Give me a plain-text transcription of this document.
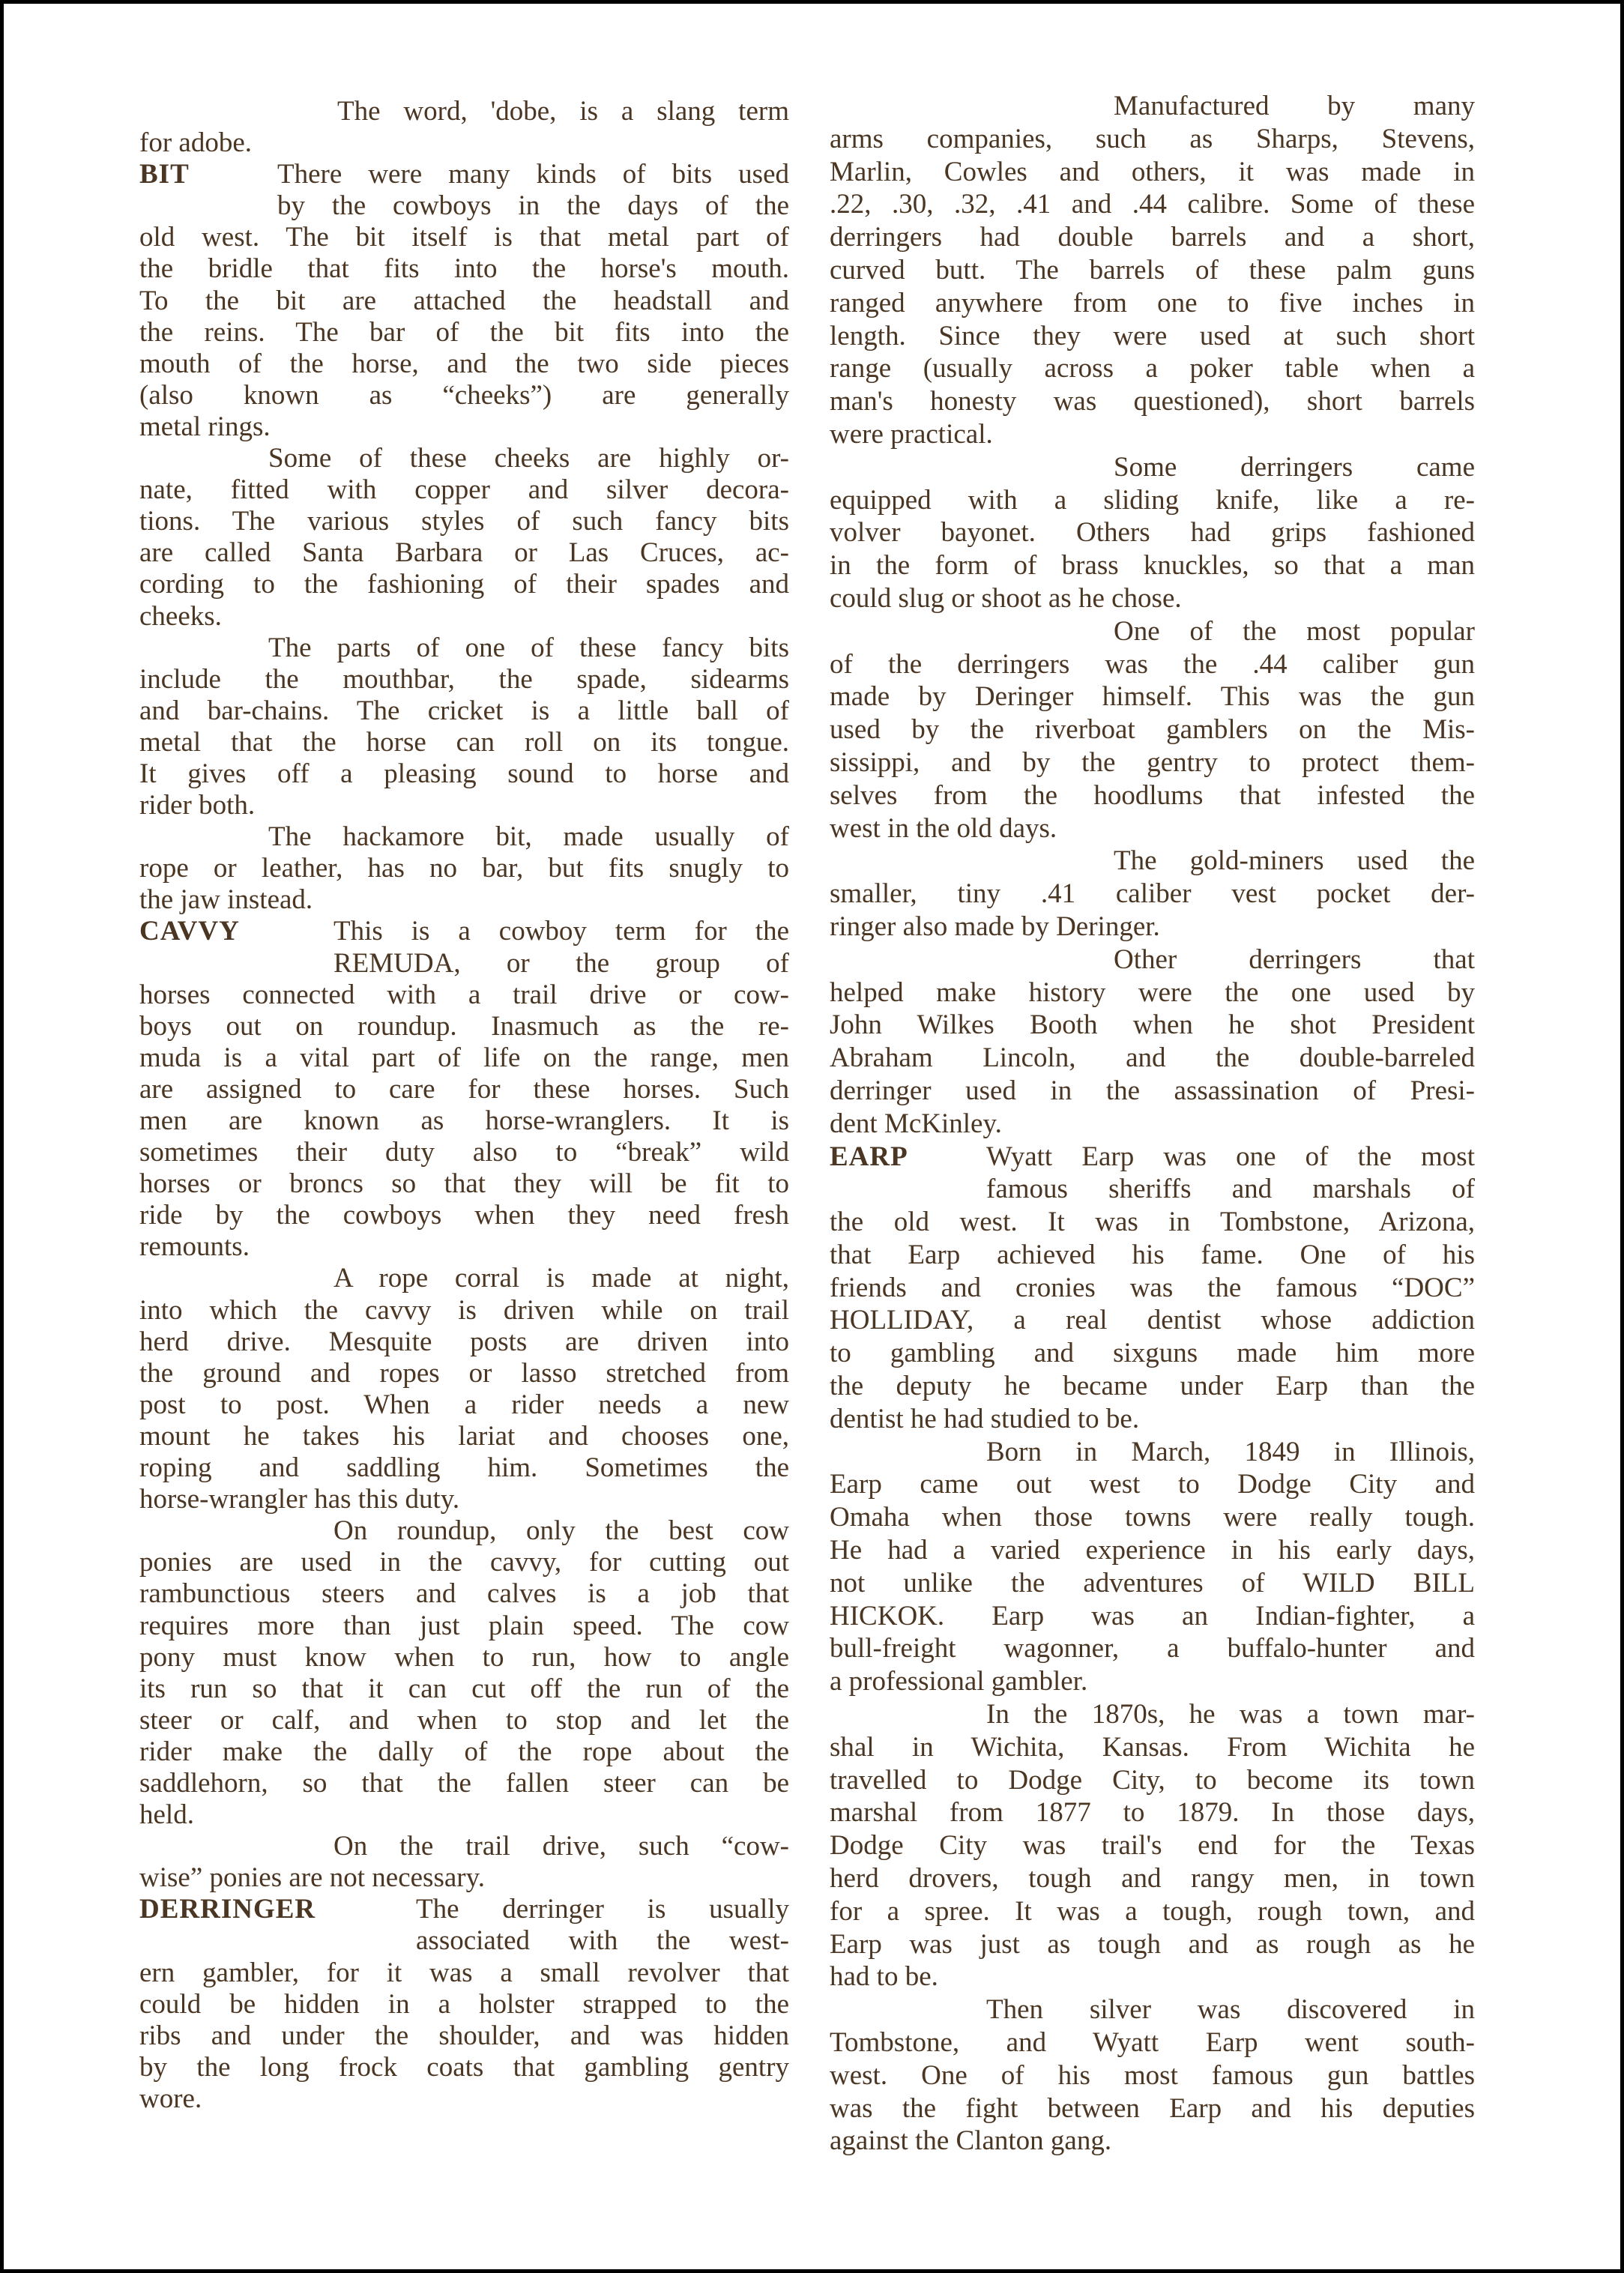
The word, 'dobe, is a slang term
for adobe.
There were many kinds of bits used
BIT
by the cowboys in the days of the
old west. The bit itself is that metal part of
the bridle that fits into the horse's mouth.
To the bit are attached the headstall and
the reins. The bar of the bit fits into the
mouth of the horse, and the two side pieces
(also known as “cheeks”) are generally
metal rings.
Some of these cheeks are highly or-
nate, fitted with copper and silver decora-
tions. The various styles of such fancy bits
are called Santa Barbara or Las Cruces, ac-
cording to the fashioning of their spades and
cheeks.
The parts of one of these fancy bits
include the mouthbar, the spade, sidearms
and bar-chains. The cricket is a little ball of
metal that the horse can roll on its tongue.
It gives off a pleasing sound to horse and
rider both.
The hackamore bit, made usually of
rope or leather, has no bar, but fits snugly to
the jaw instead.
This is a cowboy term for the
CAVVY
REMUDA, or the group of
horses connected with a trail drive or cow-
boys out on roundup. Inasmuch as the re-
muda is a vital part of life on the range, men
are assigned to care for these horses. Such
men are known as horse-wranglers. It is
sometimes their duty also to “break” wild
horses or broncs so that they will be fit to
ride by the cowboys when they need fresh
remounts.
A rope corral is made at night,
into which the cavvy is driven while on trail
herd drive. Mesquite posts are driven into
the ground and ropes or lasso stretched from
post to post. When a rider needs a new
mount he takes his lariat and chooses one,
roping and saddling him. Sometimes the
horse-wrangler has this duty.
On roundup, only the best cow
ponies are used in the cavvy, for cutting out
rambunctious steers and calves is a job that
requires more than just plain speed. The cow
pony must know when to run, how to angle
its run so that it can cut off the run of the
steer or calf, and when to stop and let the
rider make the dally of the rope about the
saddlehorn, so that the fallen steer can be
held.
On the trail drive, such “cow-
wise” ponies are not necessary.
The derringer is usually
DERRINGER
associated with the west-
ern gambler, for it was a small revolver that
could be hidden in a holster strapped to the
ribs and under the shoulder, and was hidden
by the long frock coats that gambling gentry
wore.
Manufactured by many
arms companies, such as Sharps, Stevens,
Marlin, Cowles and others, it was made in
.22, .30, .32, .41 and .44 calibre. Some of these
derringers had double barrels and a short,
curved butt. The barrels of these palm guns
ranged anywhere from one to five inches in
length. Since they were used at such short
range (usually across a poker table when a
man's honesty was questioned), short barrels
were practical.
Some derringers came
equipped with a sliding knife, like a re-
volver bayonet. Others had grips fashioned
in the form of brass knuckles, so that a man
could slug or shoot as he chose.
One of the most popular
of the derringers was the .44 caliber gun
made by Deringer himself. This was the gun
used by the riverboat gamblers on the Mis-
sissippi, and by the gentry to protect them-
selves from the hoodlums that infested the
west in the old days.
The gold-miners used the
smaller, tiny .41 caliber vest pocket der-
ringer also made by Deringer.
Other derringers that
helped make history were the one used by
John Wilkes Booth when he shot President
Abraham Lincoln, and the double-barreled
derringer used in the assassination of Presi-
dent McKinley.
Wyatt Earp was one of the most
EARP
famous sheriffs and marshals of
the old west. It was in Tombstone, Arizona,
that Earp achieved his fame. One of his
friends and cronies was the famous “DOC”
HOLLIDAY, a real dentist whose addiction
to gambling and sixguns made him more
the deputy he became under Earp than the
dentist he had studied to be.
Born in March, 1849 in Illinois,
Earp came out west to Dodge City and
Omaha when those towns were really tough.
He had a varied experience in his early days,
not unlike the adventures of WILD BILL
HICKOK. Earp was an Indian-fighter, a
bull-freight wagonner, a buffalo-hunter and
a professional gambler.
In the 1870s, he was a town mar-
shal in Wichita, Kansas. From Wichita he
travelled to Dodge City, to become its town
marshal from 1877 to 1879. In those days,
Dodge City was trail's end for the Texas
herd drovers, tough and rangy men, in town
for a spree. It was a tough, rough town, and
Earp was just as tough and as rough as he
had to be.
Then silver was discovered in
Tombstone, and Wyatt Earp went south-
west. One of his most famous gun battles
was the fight between Earp and his deputies
against the Clanton gang.
